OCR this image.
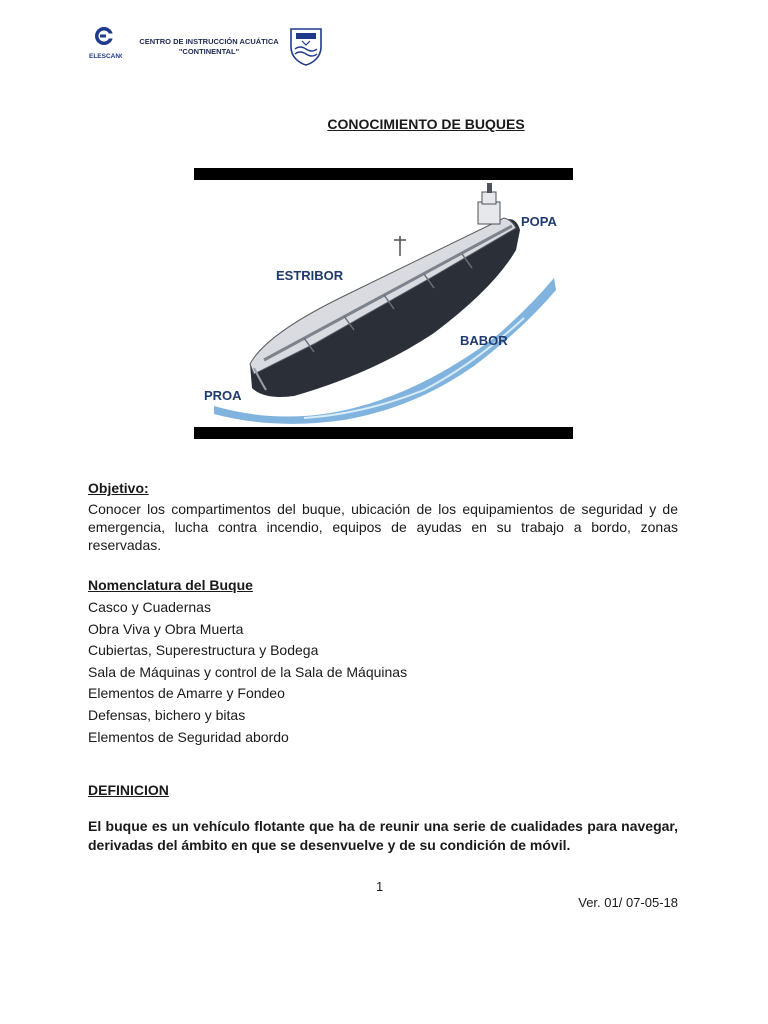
ELESCANO
CENTRO DE INSTRUCCIÓN ACUÁTICA
"CONTINENTAL"
CONOCIMIENTO DE BUQUES
POPA
ESTRIBOR
BABOR
PROA
Objetivo:
Conocer los compartimentos del buque, ubicación de los equipamientos de seguridad y de emergencia, lucha contra incendio, equipos de ayudas en su trabajo a bordo, zonas reservadas.
Nomenclatura del Buque
Casco y Cuadernas
Obra Viva y Obra Muerta
Cubiertas, Superestructura y Bodega
Sala de Máquinas y control de la Sala de Máquinas
Elementos de Amarre y Fondeo
Defensas, bichero y bitas
Elementos de Seguridad abordo
DEFINICION
El buque es un vehículo flotante que ha de reunir una serie de cualidades para navegar, derivadas del ámbito en que se desenvuelve y de su condición de móvil.
1
Ver. 01/ 07-05-18
